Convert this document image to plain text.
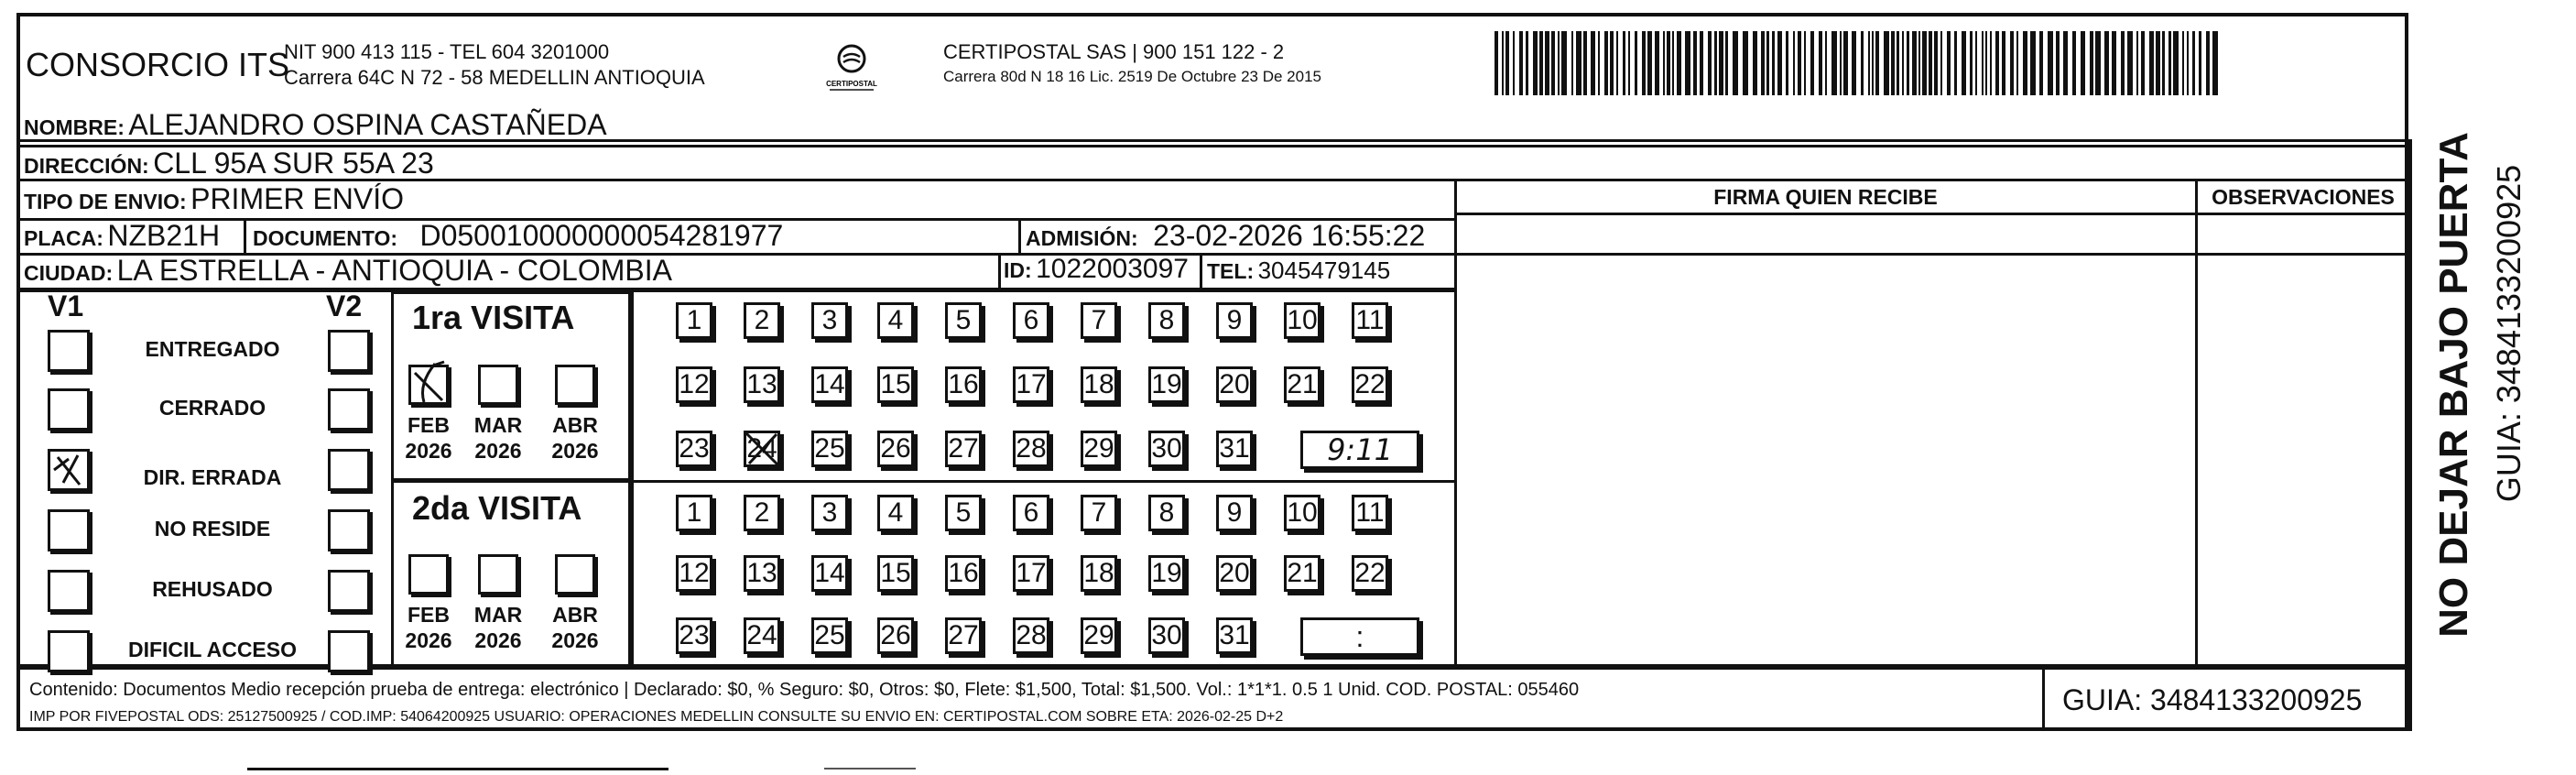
CONSORCIO ITS
NIT 900 413 115 - TEL 604 3201000
Carrera 64C N 72 - 58 MEDELLIN ANTIOQUIA	CERTIPOSTAL
CERTIPOSTAL SAS | 900 151 122 - 2
Carrera 80d N 18 16 Lic. 2519 De Octubre 23 De 2015
NOMBRE: ALEJANDRO OSPINA CASTAÑEDA
DIRECCIÓN: CLL 95A SUR 55A 23
TIPO DE ENVIO: PRIMER ENVÍO	FIRMA QUIEN RECIBE	OBSERVACIONES
PLACA: NZB21H DOCUMENTO: D050010000000054281977	ADMISIÓN: 23-02-2026 16:55:22
CIUDAD: LA ESTRELLA - ANTIOQUIA - COLOMBIA	ID: 1022003097 TEL: 3045479145
V1	V2
ENTREGADO
CERRADO
DIR. ERRADA
NO RESIDE
REHUSADO
DIFICIL ACCESO
1ra VISITA
2da VISITA
FEB
2026
MAR
2026
ABR
2026
FEB
2026
MAR
2026
ABR
2026
1	2	3	4	5	6	7	8	9	10 11
12 13 14 15 16 17 18 19 20 21 22
23 24 25 26 27 28 29 30 31	9:11
1	2	3	4	5	6	7	8	9	10 11
12 13 14 15 16 17 18 19 20 21 22
23 24 25 26 27 28 29 30 31	:
Contenido: Documentos Medio recepción prueba de entrega: electrónico | Declarado: $0, % Seguro: $0, Otros: $0, Flete: $1,500, Total: $1,500. Vol.: 1*1*1. 0.5 1 Unid. COD. POSTAL: 055460
IMP POR FIVEPOSTAL ODS: 25127500925 / COD.IMP: 54064200925 USUARIO: OPERACIONES MEDELLIN CONSULTE SU ENVIO EN: CERTIPOSTAL.COM SOBRE ETA: 2026-02-25 D+2
GUIA: 3484133200925
NO DEJAR BAJO PUERTA GUIA: 3484133200925
